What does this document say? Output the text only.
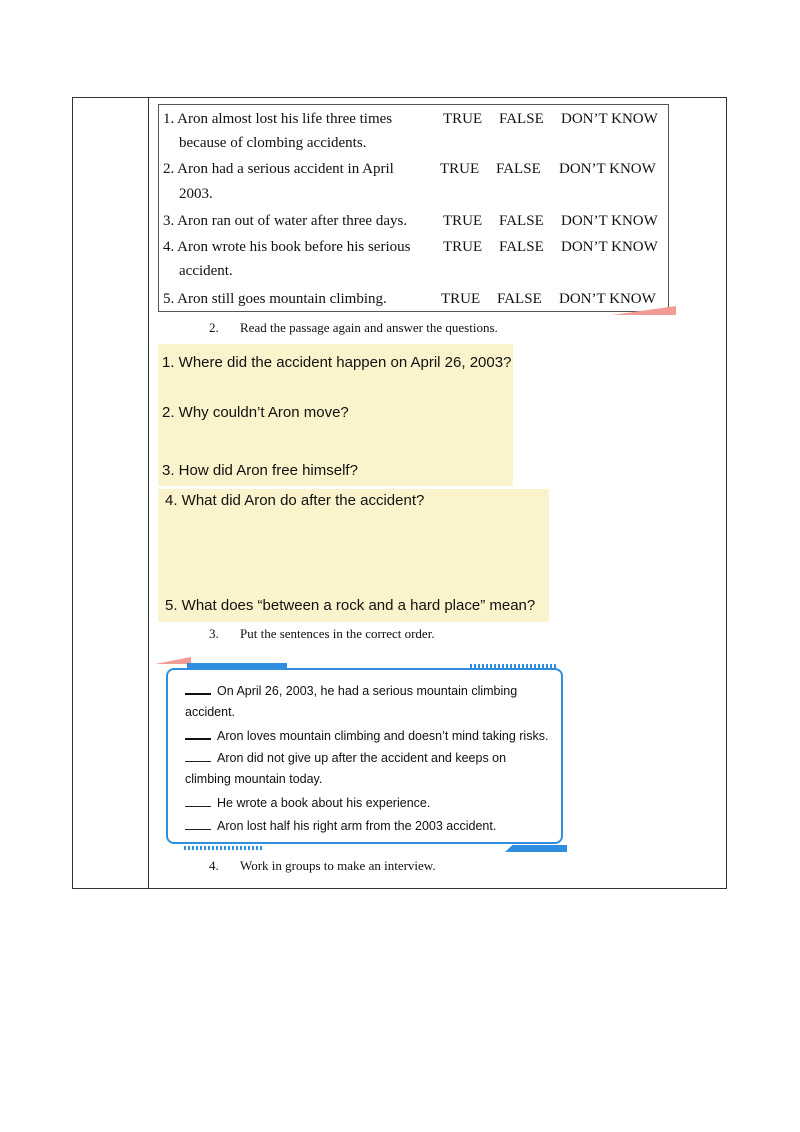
1. Aron almost lost his life three times
because of clombing accidents.
TRUE FALSE DON’T KNOW
2. Aron had a serious accident in April
2003.
TRUE FALSE DON’T KNOW
3. Aron ran out of water after three days. TRUE FALSE DON’T KNOW
4. Aron wrote his book before his serious
accident.
TRUE FALSE DON’T KNOW
5. Aron still goes mountain climbing.	TRUE FALSE DON’T KNOW
2. Read the passage again and answer the questions.
1. Where did the accident happen on April 26, 2003?
2. Why couldn’t Aron move?
3. How did Aron free himself?
4. What did Aron do after the accident?
5. What does “between a rock and a hard place” mean?
3. Put the sentences in the correct order.
On April 26, 2003, he had a serious mountain climbing
accident.
Aron loves mountain climbing and doesn’t mind taking risks.
Aron did not give up after the accident and keeps on
climbing mountain today.
He wrote a book about his experience.
Aron lost half his right arm from the 2003 accident.
4. Work in groups to make an interview.
